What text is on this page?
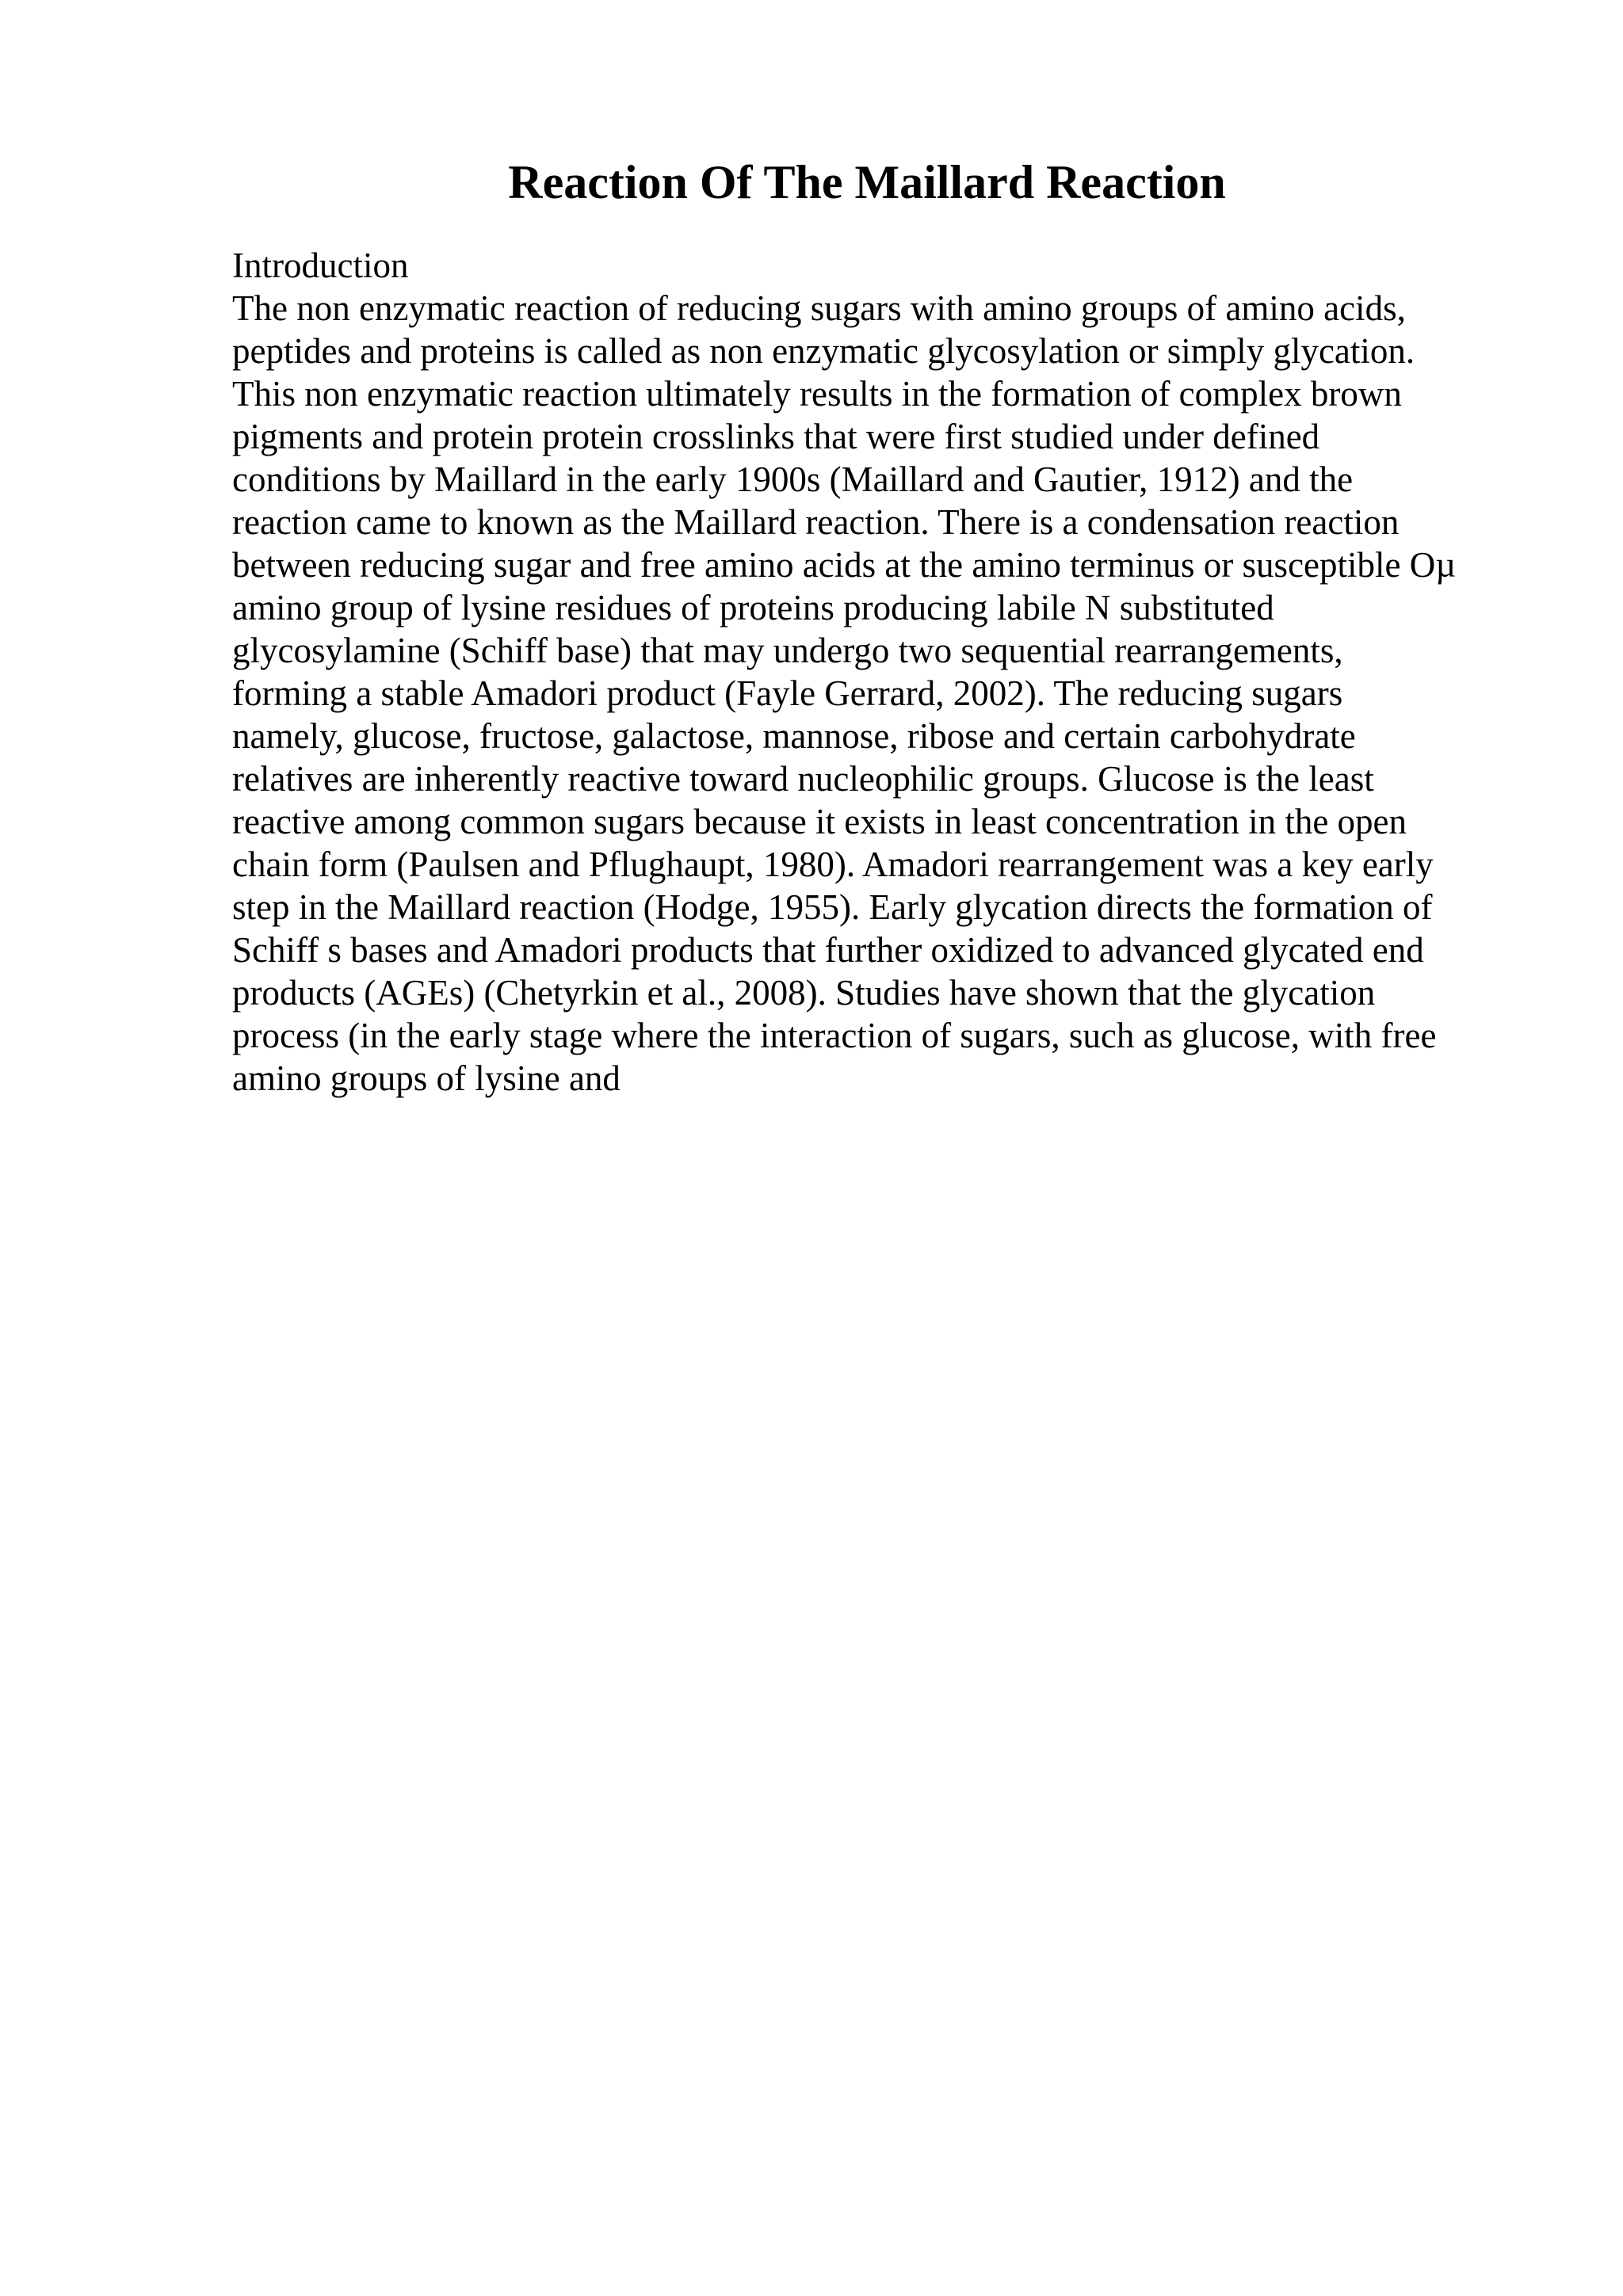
Reaction Of The Maillard Reaction
Introduction
The non enzymatic reaction of reducing sugars with amino groups of amino acids,
peptides and proteins is called as non enzymatic glycosylation or simply glycation.
This non enzymatic reaction ultimately results in the formation of complex brown
pigments and protein protein crosslinks that were first studied under defined
conditions by Maillard in the early 1900s (Maillard and Gautier, 1912) and the
reaction came to known as the Maillard reaction. There is a condensation reaction
between reducing sugar and free amino acids at the amino terminus or susceptible Oµ
amino group of lysine residues of proteins producing labile N substituted
glycosylamine (Schiff base) that may undergo two sequential rearrangements,
forming a stable Amadori product (Fayle Gerrard, 2002). The reducing sugars
namely, glucose, fructose, galactose, mannose, ribose and certain carbohydrate
relatives are inherently reactive toward nucleophilic groups. Glucose is the least
reactive among common sugars because it exists in least concentration in the open
chain form (Paulsen and Pflughaupt, 1980). Amadori rearrangement was a key early
step in the Maillard reaction (Hodge, 1955). Early glycation directs the formation of
Schiff s bases and Amadori products that further oxidized to advanced glycated end
products (AGEs) (Chetyrkin et al., 2008). Studies have shown that the glycation
process (in the early stage where the interaction of sugars, such as glucose, with free
amino groups of lysine and
